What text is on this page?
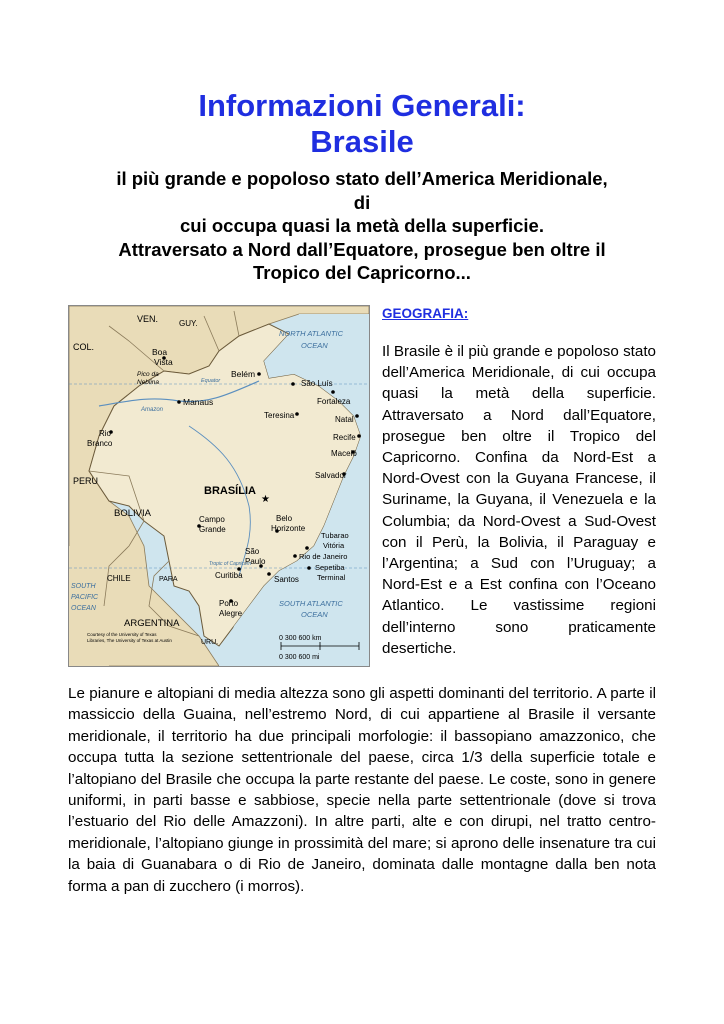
Informazioni Generali:
Brasile
il più grande e popoloso stato dell’America Meridionale,
di
cui occupa quasi la metà della superficie.
Attraversato a Nord dall’Equatore, prosegue ben oltre il
Tropico del Capricorno...
VEN.	GUY.
COL.
PERU
BOLIVIA
CHILE
ARGENTINA
PARA
URU.
NORTH ATLANTIC
OCEAN
SOUTH
PACIFIC
OCEAN
SOUTH ATLANTIC
OCEAN
BRASÍLIA
★
Boa
Vista
Pico da
Neblina
Belém
Manaus
São Luís
Fortaleza
Teresina	Natal
Recife
Maceió
Rio
Branco
Salvador
Campo
Grande
Belo
Horizonte
Tubarao
Vitória
Rio de Janeiro
São
Paulo
Curitiba	Santos
Sepetiba
Terminal
Porto
Alegre
Equator
Amazon
Tropic of Capricorn
0 300 600 km
0 300 600 mi
Courtesy of the University of Texas
Libraries, The University of Texas at Austin
GEOGRAFIA:

Il Brasile è il più grande e popoloso stato dell’America Meridionale, di cui occupa quasi la metà della superficie. Attraversato a Nord dall’Equatore, prosegue ben oltre il Tropico del Capricorno. Confina da Nord-Est a Nord-Ovest con la Guyana Francese, il Suriname, la Guyana, il Venezuela e la Columbia; da Nord-Ovest a Sud-Ovest con il Perù, la Bolivia, il Paraguay e l’Argentina; a Sud con l’Uruguay; a Nord-Est e a Est confina con l’Oceano Atlantico. Le vastissime regioni dell’interno sono praticamente desertiche.

Le pianure e altopiani di media altezza sono gli aspetti dominanti del territorio. A parte il massiccio della Guaina, nell’estremo Nord, di cui appartiene al Brasile il versante meridionale, il territorio ha due principali morfologie: il bassopiano amazzonico, che occupa tutta la sezione settentrionale del paese, circa 1/3 della superficie totale e l’altopiano del Brasile che occupa la parte restante del paese. Le coste, sono in genere uniformi, in parti basse e sabbiose, specie nella parte settentrionale (dove si trova l’estuario del Rio delle Amazzoni). In altre parti, alte e con dirupi, nel tratto centro-meridionale, l’altopiano giunge in prossimità del mare; si aprono delle insenature tra cui la baia di Guanabara o di Rio de Janeiro, dominata dalle montagne dalla ben nota forma a pan di zucchero (i morros).
